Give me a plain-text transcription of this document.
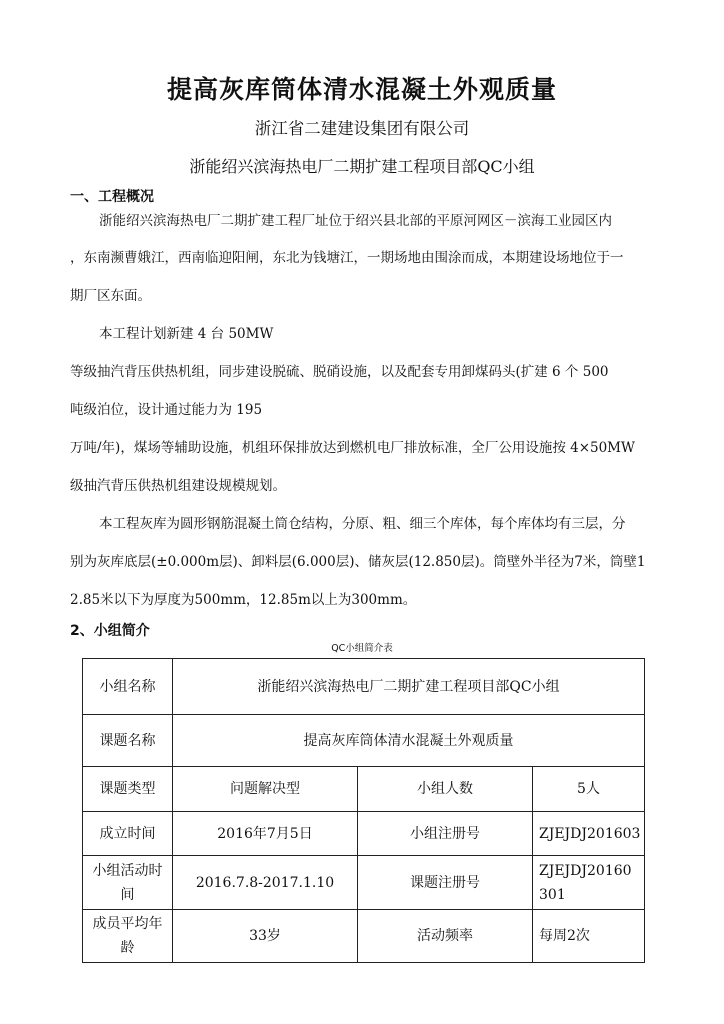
提高灰库筒体清水混凝土外观质量
浙江省二建建设集团有限公司
浙能绍兴滨海热电厂二期扩建工程项目部QC小组
一、工程概况
浙能绍兴滨海热电厂二期扩建工程厂址位于绍兴县北部的平原河网区－滨海工业园区内
，东南濒曹娥江，西南临迎阳闸，东北为钱塘江，一期场地由围涂而成，本期建设场地位于一
期厂区东面。
本工程计划新建 4 台 50MW
等级抽汽背压供热机组，同步建设脱硫、脱硝设施，以及配套专用卸煤码头(扩建 6 个 500
吨级泊位，设计通过能力为 195
万吨/年)，煤场等辅助设施，机组环保排放达到燃机电厂排放标准，全厂公用设施按 4×50MW
级抽汽背压供热机组建设规模规划。
本工程灰库为圆形钢筋混凝土筒仓结构，分原、粗、细三个库体，每个库体均有三层，分
别为灰库底层(±0.000m层)、卸料层(6.000层)、储灰层(12.850层)。筒壁外半径为7米，筒壁1
2.85米以下为厚度为500mm，12.85m以上为300mm。
2、小组简介
QC小组简介表
小组名称	浙能绍兴滨海热电厂二期扩建工程项目部QC小组		
课题名称	提高灰库筒体清水混凝土外观质量		
课题类型	问题解决型	小组人数	5人
成立时间	2016年7月5日	小组注册号	ZJEJDJ201603
小组活动时间	2016.7.8-2017.1.10	课题注册号	ZJEJDJ20160301
成员平均年龄	33岁	活动频率	每周2次
